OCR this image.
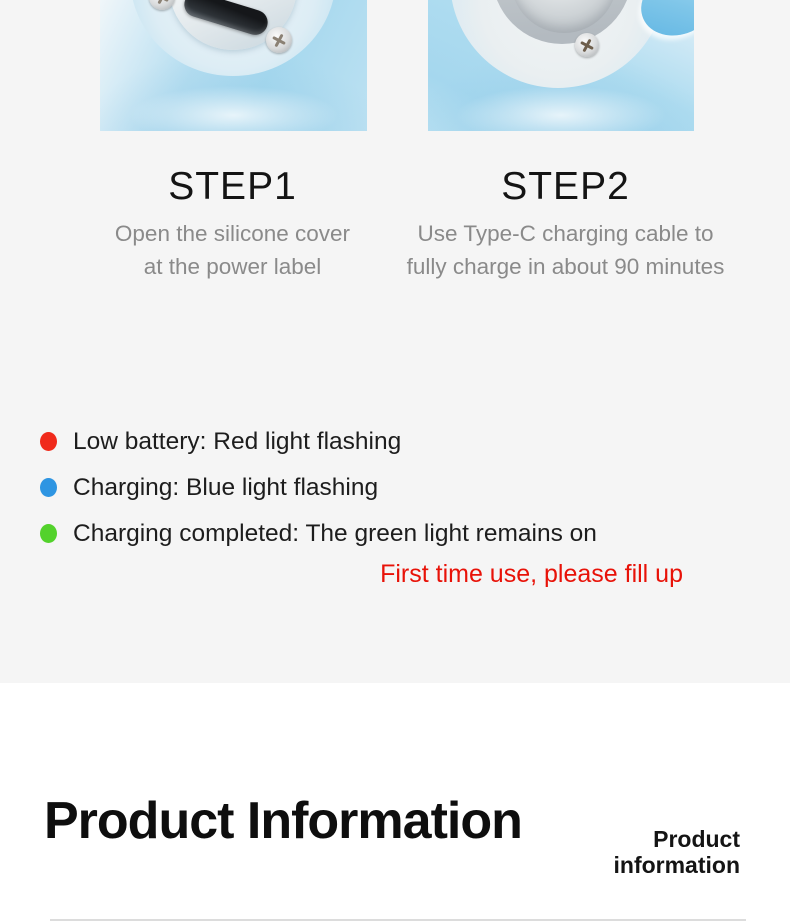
STEP1
Open the silicone cover
at the power label
STEP2
Use Type-C charging cable to
fully charge in about 90 minutes
Low battery: Red light flashing
Charging: Blue light flashing
Charging completed: The green light remains on
First time use, please fill up
Product Information	Product
information
